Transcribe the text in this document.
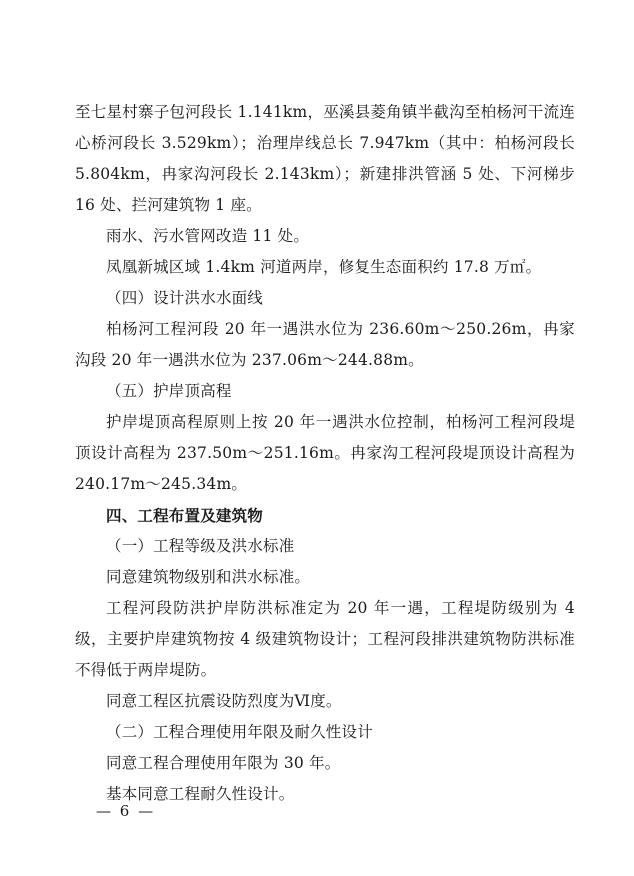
至七星村寨子包河段长 1.141km，巫溪县菱角镇半截沟至柏杨河干流连心桥河段长 3.529km）；治理岸线总长 7.947km（其中：柏杨河段长 5.804km，冉家沟河段长 2.143km）；新建排洪管涵 5 处、下河梯步 16 处、拦河建筑物 1 座。

雨水、污水管网改造 11 处。

凤凰新城区域 1.4km 河道两岸，修复生态面积约 17.8 万㎡。

（四）设计洪水水面线

柏杨河工程河段 20 年一遇洪水位为 236.60m～250.26m，冉家沟段 20 年一遇洪水位为 237.06m～244.88m。

（五）护岸顶高程

护岸堤顶高程原则上按 20 年一遇洪水位控制，柏杨河工程河段堤顶设计高程为 237.50m～251.16m。冉家沟工程河段堤顶设计高程为 240.17m～245.34m。

四、工程布置及建筑物

（一）工程等级及洪水标准

同意建筑物级别和洪水标准。

工程河段防洪护岸防洪标准定为 20 年一遇，工程堤防级别为 4 级，主要护岸建筑物按 4 级建筑物设计；工程河段排洪建筑物防洪标准不得低于两岸堤防。

同意工程区抗震设防烈度为Ⅵ度。

（二）工程合理使用年限及耐久性设计

同意工程合理使用年限为 30 年。

基本同意工程耐久性设计。

— 6 —
